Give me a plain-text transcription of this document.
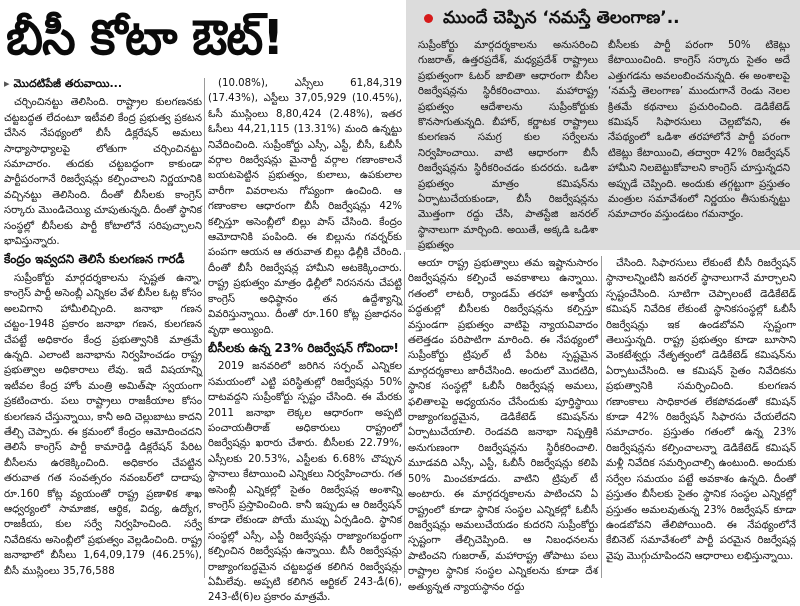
బీసీ కోటా ఔట్!	ముందే చెప్పిన ‘నమస్తే తెలంగాణ’..
సుప్రీంకోర్టు మార్గదర్శకాలను అనుసరించి గుజరాత్, ఉత్తరప్రదేశ్, మధ్యప్రదేశ్ రాష్ట్రాలు ప్రభుత్వంగా ఓటర్ జాబితా ఆధారంగా బీసీల రిజర్వేషన్లను స్థిరీకరించాయి. మహారాష్ట్ర ప్రభుత్వం ఆదేశాలను సుప్రీంకోర్టుకు కొనసాగుతున్నది. బీహార్, కర్ణాటక రాష్ట్రాలు కులగణన సమగ్ర కుల సర్వేలను నిర్వహించాయి. వాటి ఆధారంగా బీసీ రిజర్వేషన్లను స్థిరీకరించడం కుదరదు. ఒడిశా ప్రభుత్వం మాత్రం కమిషన్‌ను ఏర్పాటుచేయకుండా, బీసీ రిజర్వేషన్లను మొత్తంగా రద్దు చేసి, పాతస్టేజి జనరల్ స్థానాలుగా మార్చింది. అయితే, అక్కడి ఒడిశా ప్రభుత్వం
బీసీలకు పార్టీ పరంగా 50% టికెట్లు కేటాయించింది. కాంగ్రెస్ సర్కారు సైతం అదే ఎత్తుగడను అవలంబించనున్నది. ఈ అంశాలపై ‘నమస్తే తెలంగాణ’ ముందుగానే రెండు నెలల క్రితమే కథనాలు ప్రచురించింది. డెడికేటెడ్ కమిషన్ సిఫారసులు చెల్లబోవని, ఈ నేపథ్యంలో ఒడిశా తరహాలోనే పార్టీ పరంగా టికెట్లు కేటాయించి, తద్వారా 42% రిజర్వేషన్ హామీని నిలబెట్టుకోవాలని కాంగ్రెస్ చూస్తున్నదని అప్పుడే చెప్పింది. అందుకు తగ్గట్టుగా ప్రస్తుతం మంత్రుల సమావేశంలో నిర్ణయం తీసుకున్నట్టు సమాచారం వస్తుండటం గమనార్హం.
▸ మొదటిపేజీ తరువాయి...

చర్చించినట్టు తెలిసింది. రాష్ట్రాల కులగణనకు చట్టబద్ధత లేదంటూ ఇటీవలి కేంద్ర ప్రభుత్వ ప్రకటన చేసిన నేపథ్యంలో బీసీ డిక్లరేషన్ అమలు సాధ్యాసాధ్యాలపై లోతుగా చర్చించినట్టు సమాచారం. తుదకు చట్టబద్ధంగా కాకుండా పార్టీపరంగానే రిజర్వేషన్లు కల్పించాలని నిర్ణయానికి వచ్చినట్టు తెలిసింది. దీంతో బీసీలకు కాంగ్రెస్ సర్కారు మొండిచెయ్యి చూపుతున్నది. దీంతో స్థానిక సంస్థల్లో బీసీలకు పార్టీ కోటాలోనే సరిపుచ్చాలని భావిస్తున్నారు.

కేంద్రం ఇవ్వదని తెలిసే కులగణన గారడీ

సుప్రీంకోర్టు మార్గదర్శకాలను స్పష్టత ఉన్నా, కాంగ్రెస్ పార్టీ అసెంబ్లీ ఎన్నికల వేళ బీసీల ఓట్ల కోసం అలవిగాని హామీలిచ్చింది. జనాభా గణన చట్టం-1948 ప్రకారం జనాభా గణన, కులగణన చేపట్టే అధికారం కేంద్ర ప్రభుత్వానికి మాత్రమే ఉన్నది. ఎలాంటి జనాభాను నిర్వహించడం రాష్ట్ర ప్రభుత్వాల అధికారాలు లేవు. ఇదే విషయాన్ని ఇటీవల కేంద్ర హోం మంత్రి అమిత్‌షా స్వయంగా ప్రకటించారు. పలు రాష్ట్రాలు రాజకీయాల కోసం కులగణన చేస్తున్నాయి, కానీ అది చెల్లుబాటు కాదని తేల్చి చెప్పారు. ఈ క్రమంలో కేంద్రం ఆమోదించదని తెలిసే కాంగ్రెస్ పార్టీ కామారెడ్డి డిక్లరేషన్ పేరిట బీసీలను ఉరకెక్కించింది. అధికారం చేపట్టిన తరువాత గత సంవత్సరం నవంబర్‌లో దాదాపు రూ.160 కోట్ల వ్యయంతో రాష్ట్ర ప్రణాళిక శాఖ ఆధ్వర్యంలో సామాజిక, ఆర్థిక, విద్య, ఉద్యోగ, రాజకీయ, కుల సర్వే నిర్వహించింది. సర్వే నివేదికను అసెంబ్లీలో ప్రభుత్వం వెల్లడించింది. రాష్ట్ర జనాభాలో బీసీలు 1,64,09,179 (46.25%), బీసీ ముస్లింలు 35,76,588

(10.08%), ఎస్సీలు 61,84,319 (17.43%), ఎస్టీలు 37,05,929 (10.45%), ఓసీ ముస్లింలు 8,80,424 (2.48%), ఇతర ఓసీలు 44,21,115 (13.31%) మంది ఉన్నట్టు నివేదించింది. సుప్రీంకోర్టు ఎస్సీ, ఎస్టీ, బీసీ, ఓబీసీ వర్గాల రిజర్వేషన్లు మైనార్టీ వర్గాల గణాంకాలనే బయటపెట్టిన ప్రభుత్వం, కులాలు, ఉపకులాల వారీగా వివరాలను గోప్యంగా ఉంచింది. ఆ గణాంకాల ఆధారంగా బీసీ రిజర్వేషన్లు 42% కల్పిస్తూ అసెంబ్లీలో బిల్లు పాస్ చేసింది. కేంద్రం ఆమోదానికి పంపింది. ఈ బిల్లును గవర్నర్‌కు పంపగా ఆయన ఆ తరువాత బిల్లు ఢిల్లీకి చేరింది. దీంతో బీసీ రిజర్వేషన్ల హామీని అటకెక్కించారు. రాష్ట్ర ప్రభుత్వం మాత్రం ఢిల్లీలో నిరసనను చేపట్టి కాంగ్రెస్ అధిష్ఠానం తన ఉద్దేశ్యాన్ని వివరిస్తున్నాయి. దీంతో రూ.160 కోట్ల ప్రజాధనం వృథా అయ్యింది.

బీసీలకు ఉన్న 23% రిజర్వేషన్ గోవిందా!

2019 జనవరిలో జరిగిన సర్పంచ్ ఎన్నికల సమయంలో ఎట్టి పరిస్థితుల్లో రిజర్వేషన్లు 50% దాటవద్దని సుప్రీంకోర్టు స్పష్టం చేసింది. ఈ మేరకు 2011 జనాభా లెక్కల ఆధారంగా అప్పటి పంచాయతీరాజ్ అధికారులు రాష్ట్రంలో రిజర్వేషన్లు ఖరారు చేశారు. బీసీలకు 22.79%, ఎస్సీలకు 20.53%, ఎస్టీలకు 6.68% చొప్పున స్థానాలు కేటాయించి ఎన్నికలు నిర్వహించారు. గత అసెంబ్లీ ఎన్నికల్లో సైతం రిజర్వేషన్ల అంశాన్ని కాంగ్రెస్ ప్రస్తావించింది. కానీ ఇప్పుడు ఆ రిజర్వేషన్‌ కూడా లేకుండా పోయే ముప్పు ఏర్పడింది. స్థానిక సంస్థల్లో ఎస్సీ, ఎస్టీ రిజర్వేషన్లు రాజ్యాంగబద్ధంగా కల్పించిన రిజర్వేషన్లు ఉన్నాయి. బీసీ రిజర్వేషన్లు రాజ్యాంగబద్ధమైన చట్టబద్ధత కలిగిన రిజర్వేషన్లు ఏమీలేవు. అప్పటి కలిగిన ఆర్టికల్ 243-డీ(6), 243-టీ(6)ల ప్రకారం మాత్రమే.

ఆయా రాష్ట్ర ప్రభుత్వాలు తమ ఇష్టానుసారం రిజర్వేషన్లను కల్పించే అవకాశాలు ఉన్నాయి. గతంలో లాటరీ, ర్యాండమ్ తరహా అశాస్త్రీయ పద్ధతుల్లో బీసీలకు రిజర్వేషన్లను కల్పిస్తూ వస్తుండగా ప్రభుత్వం వాటిపై న్యాయవివాదం తలెత్తడం పరిపాటిగా మారింది. ఈ నేపథ్యంలో సుప్రీంకోర్టు ట్రిపుల్ టీ పేరిట స్పష్టమైన మార్గదర్శకాలు జారీచేసింది. అందులో మొదటిది, స్థానిక సంస్థల్లో ఓబీసీ రిజర్వేషన్ల అమలు, ఫలితాలపై అధ్యయనం చేసేందుకు పూర్తిస్థాయి రాజ్యాంగబద్ధమైన, డెడికేటెడ్ కమిషన్‌ను ఏర్పాటుచేయాలి. రెండవది జనాభా నిష్పత్తికి అనుగుణంగా రిజర్వేషన్లను స్థిరీకరించాలి. మూడవది ఎస్సీ, ఎస్టీ, ఓబీసీ రిజర్వేషన్లు కలిపి 50% మించకూడదు. వాటిని ట్రిపుల్ టీ అంటారు. ఈ మార్గదర్శకాలను పాటించని ఏ రాష్ట్రంలో కూడా స్థానిక సంస్థల ఎన్నికల్లో ఓబీసీ రిజర్వేషన్లు అమలుచేయడం కుదరని సుప్రీంకోర్టు స్పష్టంగా తేల్చిచెప్పింది. ఆ నిబంధనలను పాటించని గుజరాత్, మహారాష్ట్ర తోపాటు పలు రాష్ట్రాల స్థానిక సంస్థల ఎన్నికలను కూడా దేశ అత్యున్నత న్యాయస్థానం రద్దు

చేసింది. సిఫారసులు లేకుంటే బీసీ రిజర్వేషన్ స్థానాలన్నింటినీ జనరల్ స్థానాలుగానే మార్చాలని స్పష్టంచేసింది. సూటిగా చెప్పాలంటే డెడికేటెడ్ కమిషన్ నివేదిక లేకుంటే స్థానికసంస్థల్లో ఓబీసీ రిజర్వేషన్లు ఇక ఉండబోవని స్పష్టంగా తెలుస్తున్నది. రాష్ట్ర ప్రభుత్వం కూడా బూసాని వెంకటేశ్వర్లు నేతృత్వంలో డెడికేటెడ్ కమిషన్‌ను ఏర్పాటుచేసింది. ఆ కమిషన్ సైతం నివేదికను ప్రభుత్వానికి సమర్పించింది. కులగణన గణాంకాలు సాధికారత లేకపోవడంతో కమిషన్ కూడా 42% రిజర్వేషన్ సిఫారసు చేయలేదని సమాచారం. ప్రస్తుతం గతంలో ఉన్న 23% రిజర్వేషన్లను కల్పించాలన్నా డెడికేటెడ్ కమిషన్ మళ్లీ నివేదిక సమర్పించాల్సి ఉంటుంది. అందుకు సర్వేల సమయం పట్టే అవకాశం ఉన్నది. దీంతో ప్రస్తుతం బీసీలకు సైతం స్థానిక సంస్థల ఎన్నికల్లో ప్రస్తుతం అమలవుతున్న 23% రిజర్వేషన్ కూడా ఉండబోవని తేలిపోయింది. ఈ నేపథ్యంలోనే కేబినెట్ సమావేశంలో పార్టీ పరమైన రిజర్వేషన్ల వైపు మొగ్గుచూపిందని ఆధారాలు లభిస్తున్నాయి.
